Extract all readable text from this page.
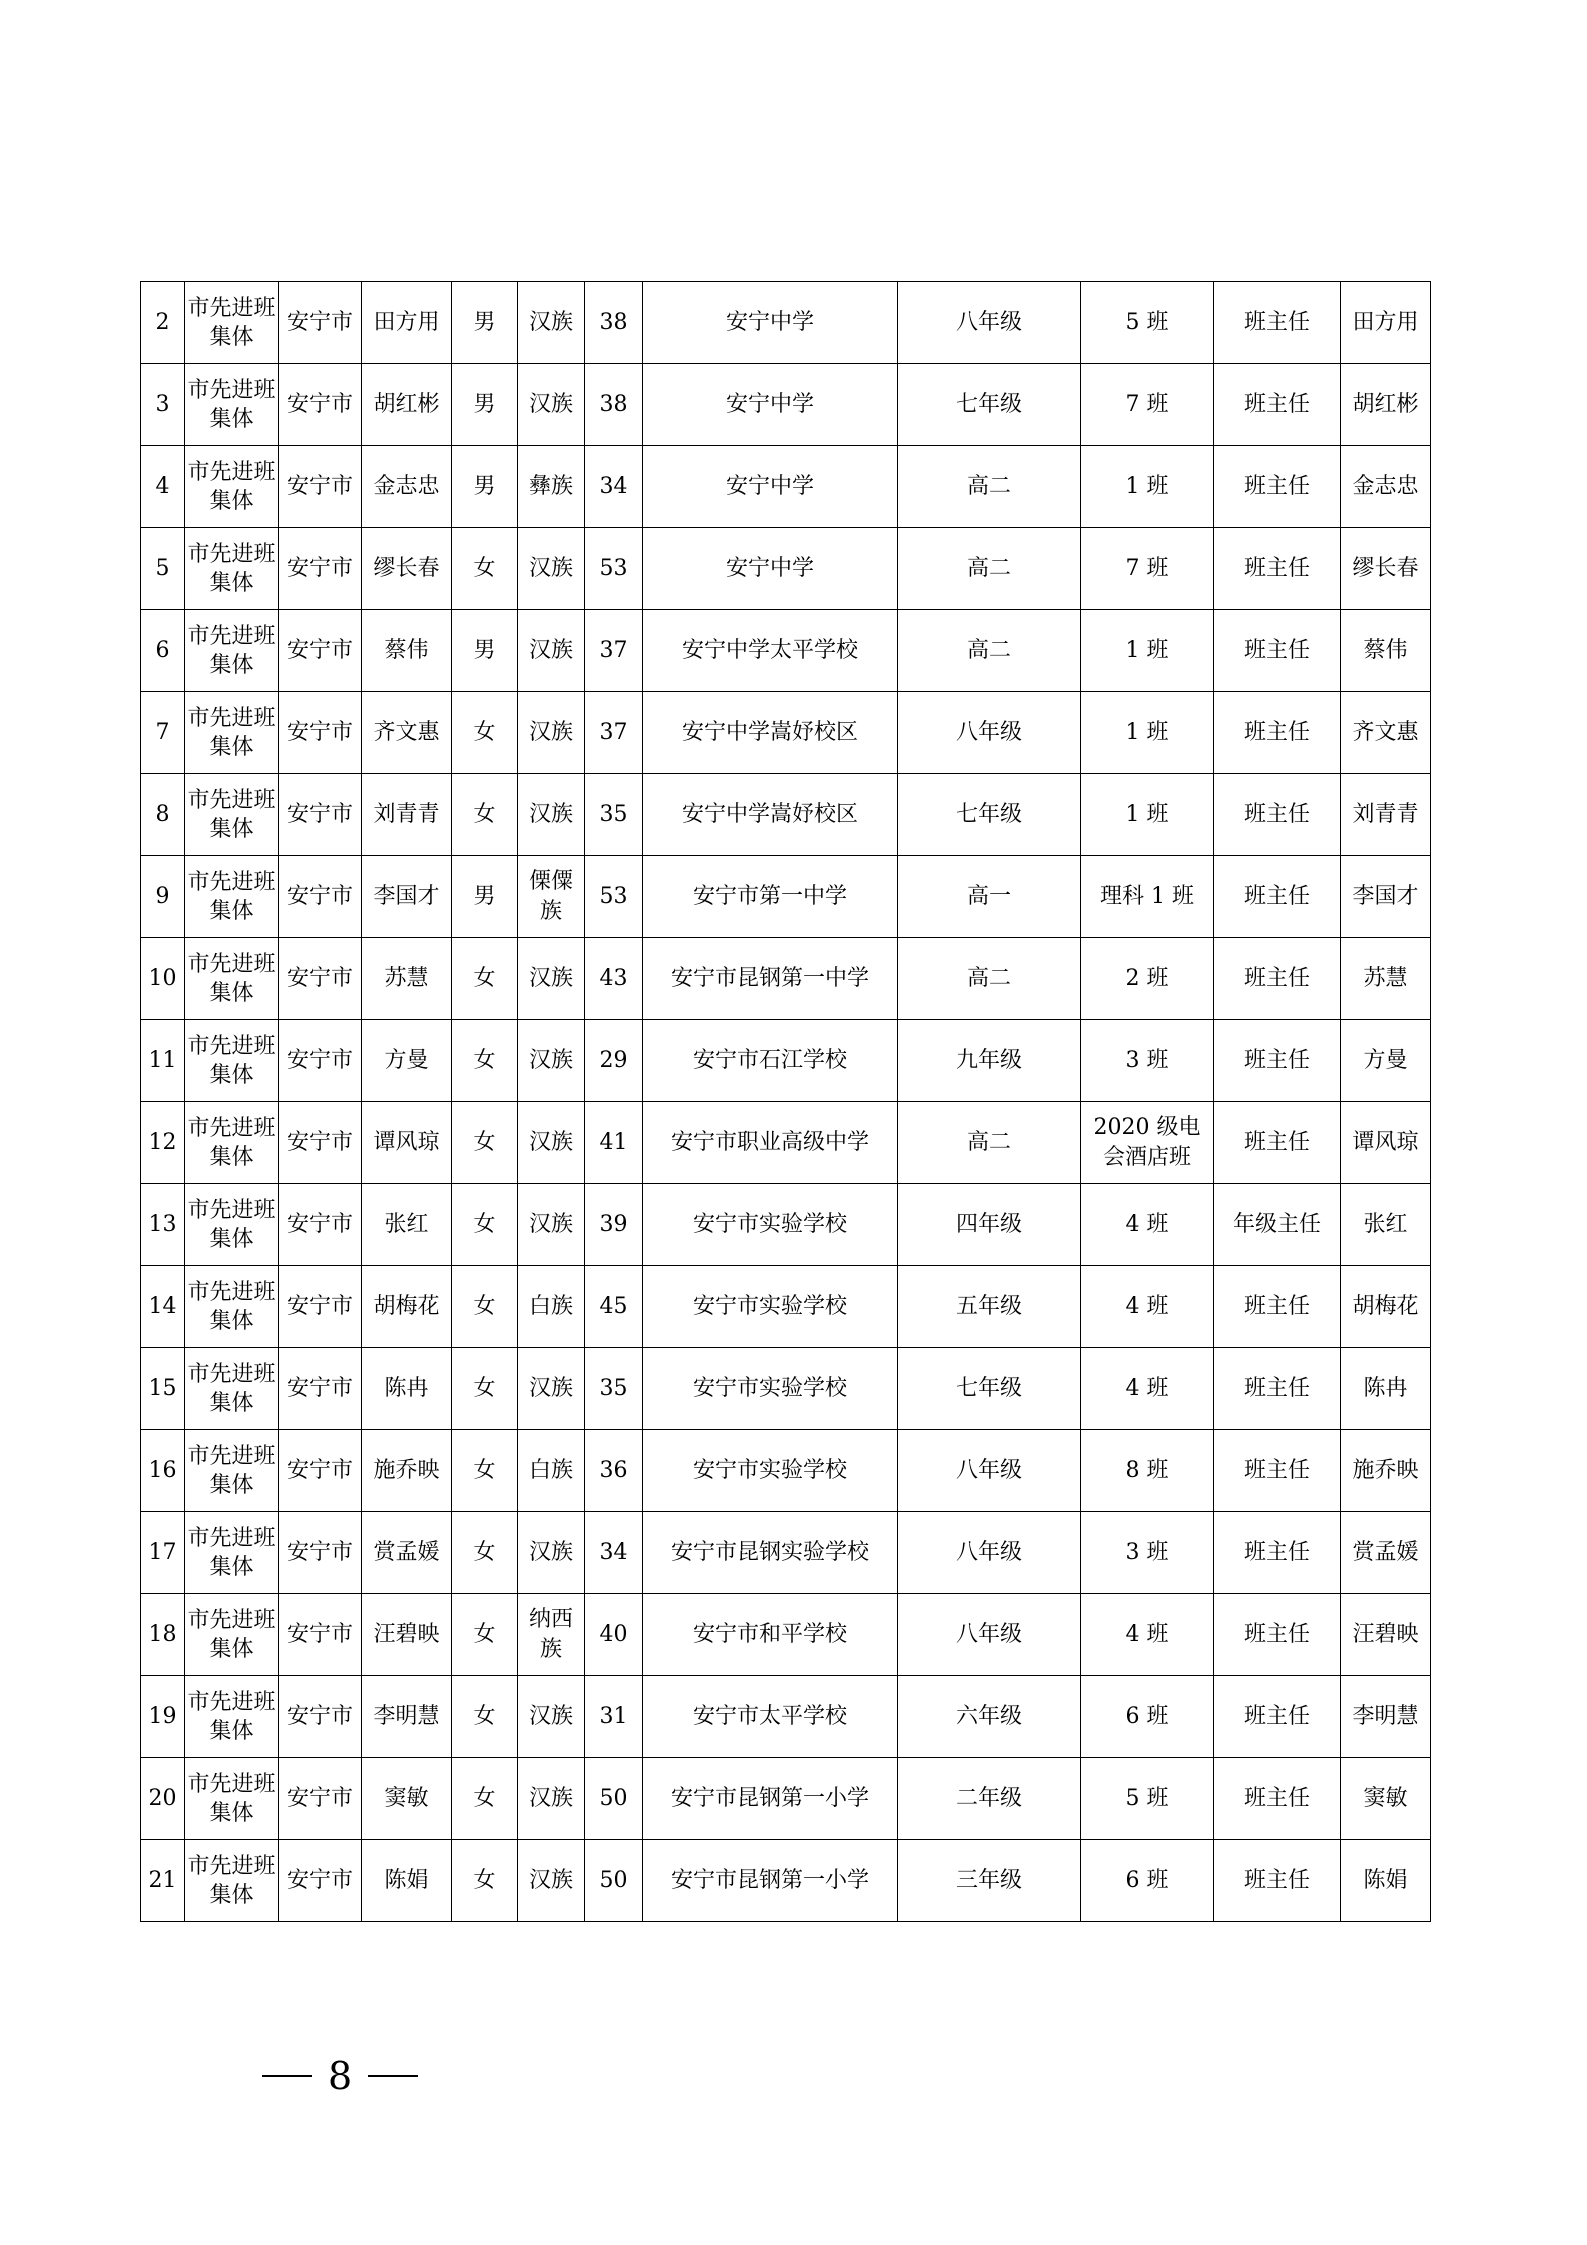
2	市先进班集体	安宁市	田方用	男	汉族	38	安宁中学	八年级	5 班	班主任	田方用
3	市先进班集体	安宁市	胡红彬	男	汉族	38	安宁中学	七年级	7 班	班主任	胡红彬
4	市先进班集体	安宁市	金志忠	男	彝族	34	安宁中学	高二	1 班	班主任	金志忠
5	市先进班集体	安宁市	缪长春	女	汉族	53	安宁中学	高二	7 班	班主任	缪长春
6	市先进班集体	安宁市	蔡伟	男	汉族	37	安宁中学太平学校	高二	1 班	班主任	蔡伟
7	市先进班集体	安宁市	齐文惠	女	汉族	37	安宁中学嵩妤校区	八年级	1 班	班主任	齐文惠
8	市先进班集体	安宁市	刘青青	女	汉族	35	安宁中学嵩妤校区	七年级	1 班	班主任	刘青青
9	市先进班集体	安宁市	李国才	男	傈僳族	53	安宁市第一中学	高一	理科 1 班	班主任	李国才
10	市先进班集体	安宁市	苏慧	女	汉族	43	安宁市昆钢第一中学	高二	2 班	班主任	苏慧
11	市先进班集体	安宁市	方曼	女	汉族	29	安宁市石江学校	九年级	3 班	班主任	方曼
12	市先进班集体	安宁市	谭风琼	女	汉族	41	安宁市职业高级中学	高二	2020 级电会酒店班	班主任	谭风琼
13	市先进班集体	安宁市	张红	女	汉族	39	安宁市实验学校	四年级	4 班	年级主任	张红
14	市先进班集体	安宁市	胡梅花	女	白族	45	安宁市实验学校	五年级	4 班	班主任	胡梅花
15	市先进班集体	安宁市	陈冉	女	汉族	35	安宁市实验学校	七年级	4 班	班主任	陈冉
16	市先进班集体	安宁市	施乔映	女	白族	36	安宁市实验学校	八年级	8 班	班主任	施乔映
17	市先进班集体	安宁市	赏孟媛	女	汉族	34	安宁市昆钢实验学校	八年级	3 班	班主任	赏孟媛
18	市先进班集体	安宁市	汪碧映	女	纳西族	40	安宁市和平学校	八年级	4 班	班主任	汪碧映
19	市先进班集体	安宁市	李明慧	女	汉族	31	安宁市太平学校	六年级	6 班	班主任	李明慧
20	市先进班集体	安宁市	窦敏	女	汉族	50	安宁市昆钢第一小学	二年级	5 班	班主任	窦敏
21	市先进班集体	安宁市	陈娟	女	汉族	50	安宁市昆钢第一小学	三年级	6 班	班主任	陈娟
8
